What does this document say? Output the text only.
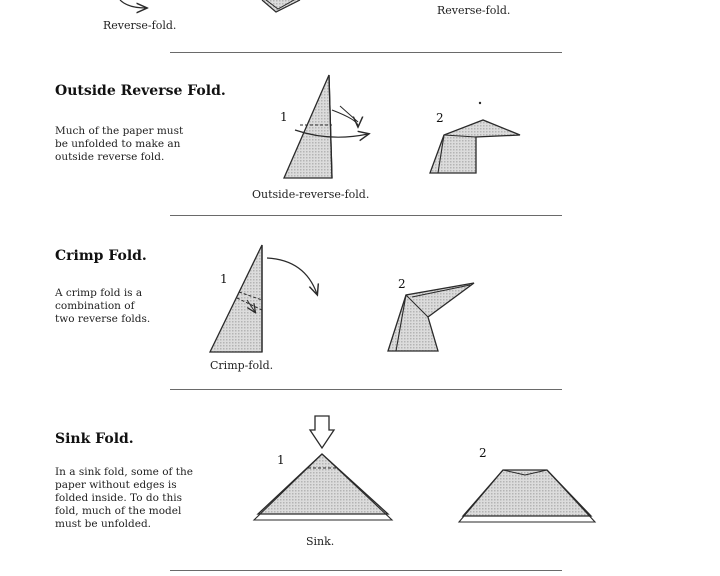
Reverse-fold.
Reverse-fold.
Outside Reverse Fold.
Much of the paper must
be unfolded to make an
outside reverse fold.
1	2
Outside-reverse-fold.
Crimp Fold.
A crimp fold is a
combination of
two reverse folds.
1	2
Crimp-fold.
Sink Fold.
In a sink fold, some of the
paper without edges is
folded inside. To do this
fold, much of the model
must be unfolded.
1	2
Sink.
